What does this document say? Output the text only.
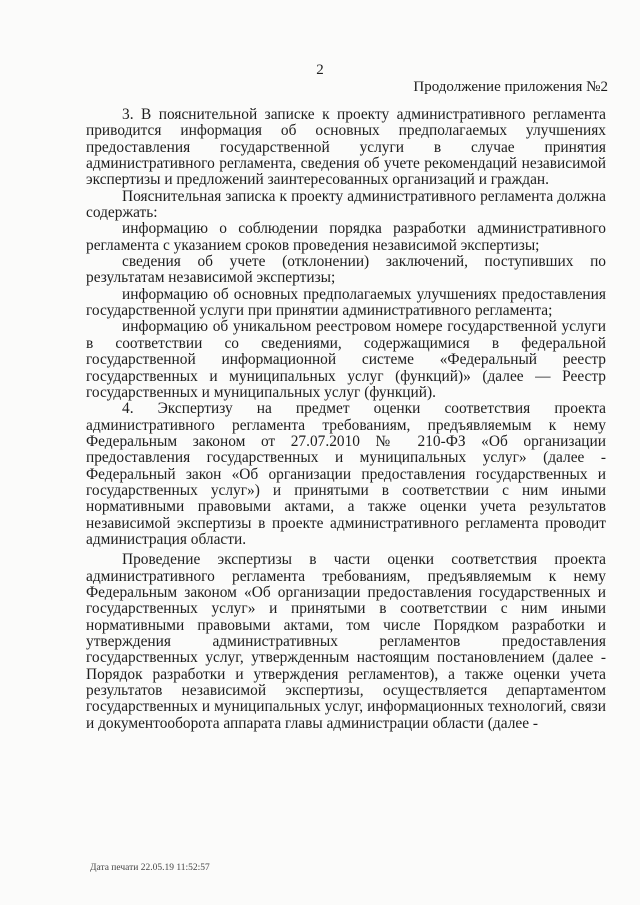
2
Продолжение приложения №2

3. В пояснительной записке к проекту административного регламента приводится информация об основных предполагаемых улучшениях предоставления государственной услуги в случае принятия административного регламента, сведения об учете рекомендаций независимой экспертизы и предложений заинтересованных организаций и граждан.

Пояснительная записка к проекту административного регламента должна содержать:

информацию о соблюдении порядка разработки административного регламента с указанием сроков проведения независимой экспертизы;

сведения об учете (отклонении) заключений, поступивших по результатам независимой экспертизы;

информацию об основных предполагаемых улучшениях предоставления государственной услуги при принятии административного регламента;

информацию об уникальном реестровом номере государственной услуги в соответствии со сведениями, содержащимися в федеральной государственной информационной системе «Федеральный реестр государственных и муниципальных услуг (функций)» (далее — Реестр государственных и муниципальных услуг (функций).

4. Экспертизу на предмет оценки соответствия проекта административного регламента требованиям, предъявляемым к нему Федеральным законом от 27.07.2010 № 210-ФЗ «Об организации предоставления государственных и муниципальных услуг» (далее - Федеральный закон «Об организации предоставления государственных и государственных услуг») и принятыми в соответствии с ним иными нормативными правовыми актами, а также оценки учета результатов независимой экспертизы в проекте административного регламента проводит администрация области.

Проведение экспертизы в части оценки соответствия проекта административного регламента требованиям, предъявляемым к нему Федеральным законом «Об организации предоставления государственных и государственных услуг» и принятыми в соответствии с ним иными нормативными правовыми актами, том числе Порядком разработки и утверждения административных регламентов предоставления государственных услуг, утвержденным настоящим постановлением (далее - Порядок разработки и утверждения регламентов), а также оценки учета результатов независимой экспертизы, осуществляется департаментом государственных и муниципальных услуг, информационных технологий, связи и документооборота аппарата главы администрации области (далее -

Дата печати 22.05.19 11:52:57
